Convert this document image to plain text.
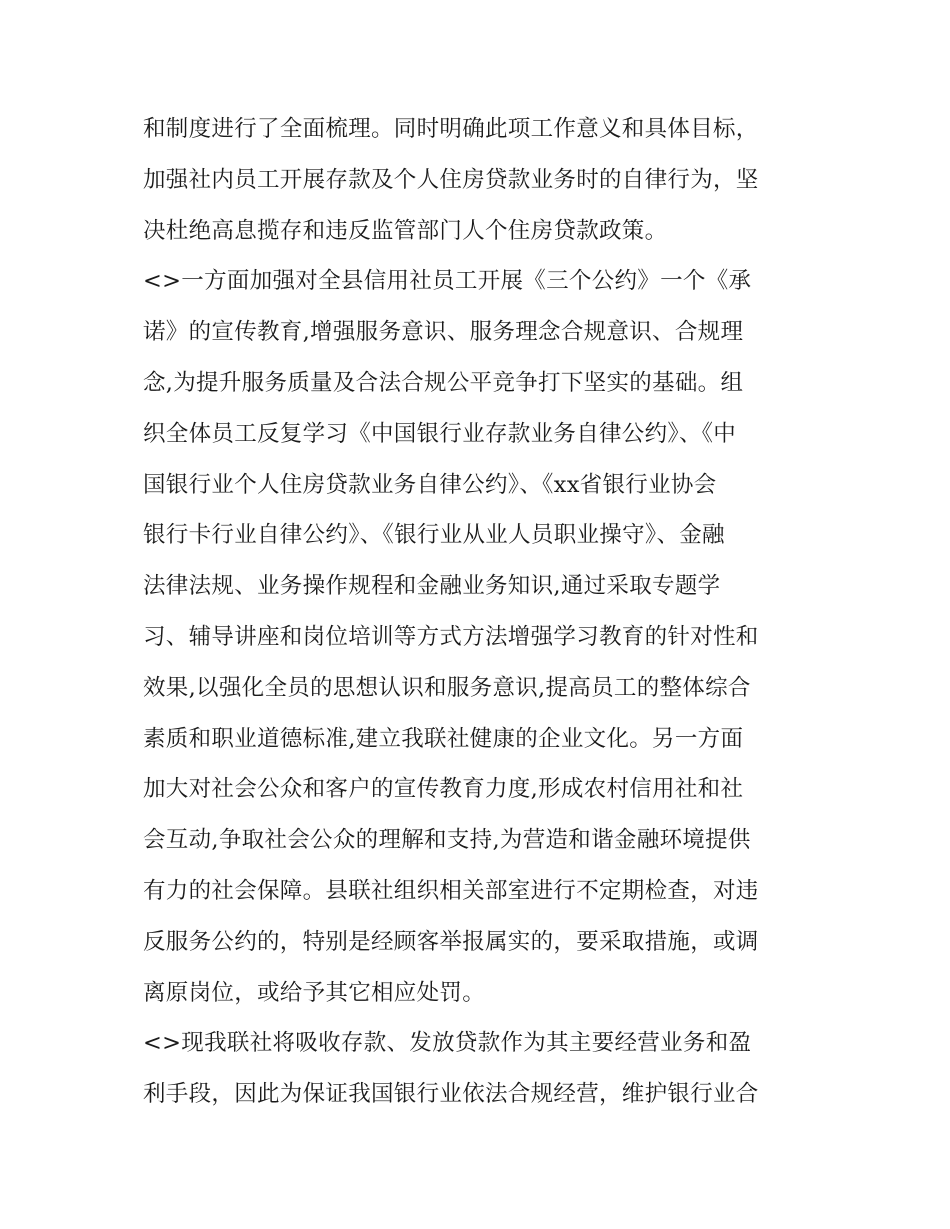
和制度进行了全面梳理。同时明确此项工作意义和具体目标，
加强社内员工开展存款及个人住房贷款业务时的自律行为，坚
决杜绝高息揽存和违反监管部门人个住房贷款政策。
<>一方面加强对全县信用社员工开展《三个公约》一个《承
诺》的宣传教育,增强服务意识、服务理念合规意识、合规理
念,为提升服务质量及合法合规公平竞争打下坚实的基础。组
织全体员工反复学习《中国银行业存款业务自律公约》、《中
国银行业个人住房贷款业务自律公约》、《xx省银行业协会
银行卡行业自律公约》、《银行业从业人员职业操守》、金融
法律法规、业务操作规程和金融业务知识,通过采取专题学
习、辅导讲座和岗位培训等方式方法增强学习教育的针对性和
效果,以强化全员的思想认识和服务意识,提高员工的整体综合
素质和职业道德标准,建立我联社健康的企业文化。另一方面
加大对社会公众和客户的宣传教育力度,形成农村信用社和社
会互动,争取社会公众的理解和支持,为营造和谐金融环境提供
有力的社会保障。县联社组织相关部室进行不定期检查，对违
反服务公约的，特别是经顾客举报属实的，要采取措施，或调
离原岗位，或给予其它相应处罚。
<>现我联社将吸收存款、发放贷款作为其主要经营业务和盈
利手段，因此为保证我国银行业依法合规经营，维护银行业合
